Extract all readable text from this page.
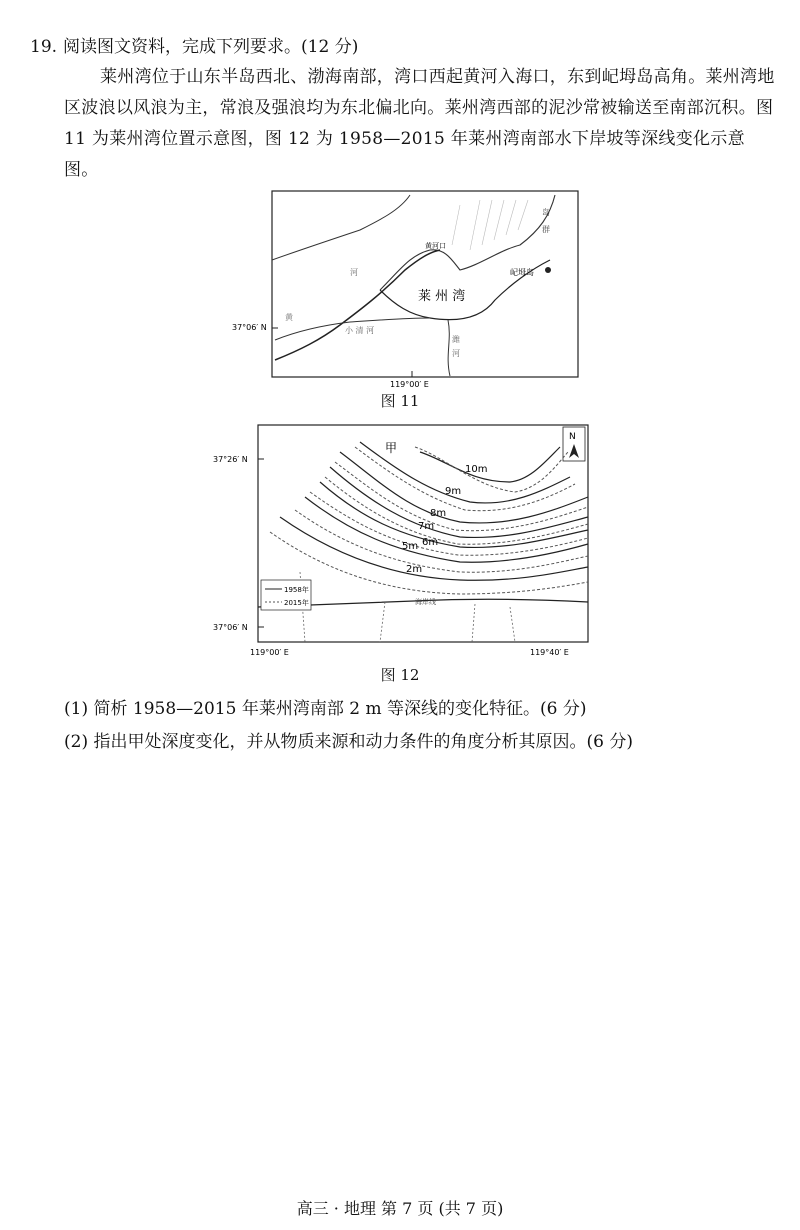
19. 阅读图文资料，完成下列要求。(12 分)
莱州湾位于山东半岛西北、渤海南部，湾口西起黄河入海口，东到屺坶岛高角。莱州湾地区波浪以风浪为主，常浪及强浪均为东北偏北向。莱州湾西部的泥沙常被输送至南部沉积。图 11 为莱州湾位置示意图，图 12 为 1958—2015 年莱州湾南部水下岸坡等深线变化示意图。
屺坶岛
黄河口
莱 州 湾
黄
河
小 清 河
潍
河
群
岛
37°06′ N
119°00′ E
图 11
N
甲
10m
9m
8m
7m
6m
5m
2m
海岸线
1958年
2015年
37°26′ N
37°06′ N
119°00′ E	119°40′ E
图 12
(1) 简析 1958—2015 年莱州湾南部 2 m 等深线的变化特征。(6 分)
(2) 指出甲处深度变化，并从物质来源和动力条件的角度分析其原因。(6 分)
高三 · 地理 第 7 页 (共 7 页)
